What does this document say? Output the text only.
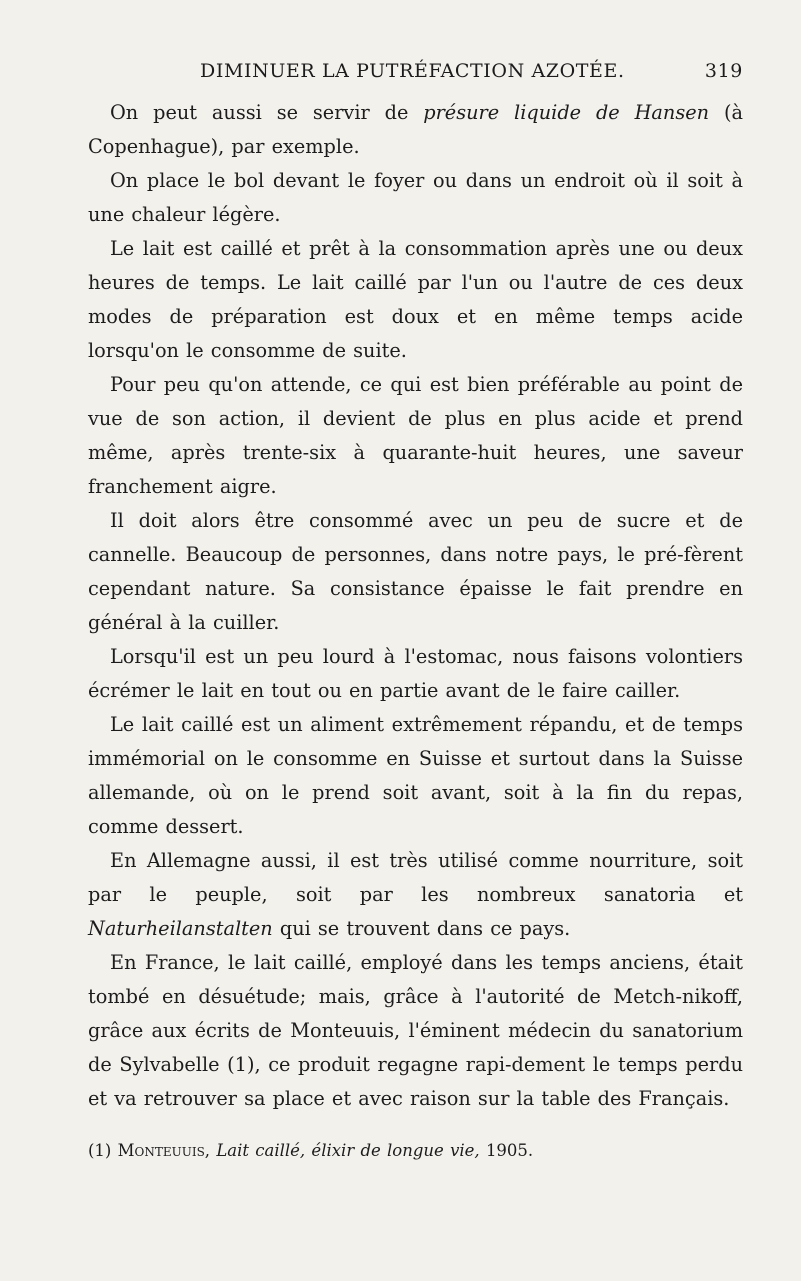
DIMINUER LA PUTRÉFACTION AZOTÉE.	319

On peut aussi se servir de présure liquide de Hansen (à Copenhague), par exemple.

On place le bol devant le foyer ou dans un endroit où il soit à une chaleur légère.

Le lait est caillé et prêt à la consommation après une ou deux heures de temps. Le lait caillé par l'un ou l'autre de ces deux modes de préparation est doux et en même temps acide lorsqu'on le consomme de suite.

Pour peu qu'on attende, ce qui est bien préférable au point de vue de son action, il devient de plus en plus acide et prend même, après trente-six à quarante-huit heures, une saveur franchement aigre.

Il doit alors être consommé avec un peu de sucre et de cannelle. Beaucoup de personnes, dans notre pays, le pré-fèrent cependant nature. Sa consistance épaisse le fait prendre en général à la cuiller.

Lorsqu'il est un peu lourd à l'estomac, nous faisons volontiers écrémer le lait en tout ou en partie avant de le faire cailler.

Le lait caillé est un aliment extrêmement répandu, et de temps immémorial on le consomme en Suisse et surtout dans la Suisse allemande, où on le prend soit avant, soit à la fin du repas, comme dessert.

En Allemagne aussi, il est très utilisé comme nourriture, soit par le peuple, soit par les nombreux sanatoria et Naturheilanstalten qui se trouvent dans ce pays.

En France, le lait caillé, employé dans les temps anciens, était tombé en désuétude; mais, grâce à l'autorité de Metch-nikoff, grâce aux écrits de Monteuuis, l'éminent médecin du sanatorium de Sylvabelle (1), ce produit regagne rapi-dement le temps perdu et va retrouver sa place et avec raison sur la table des Français.

(1) Monteuuis, Lait caillé, élixir de longue vie, 1905.
